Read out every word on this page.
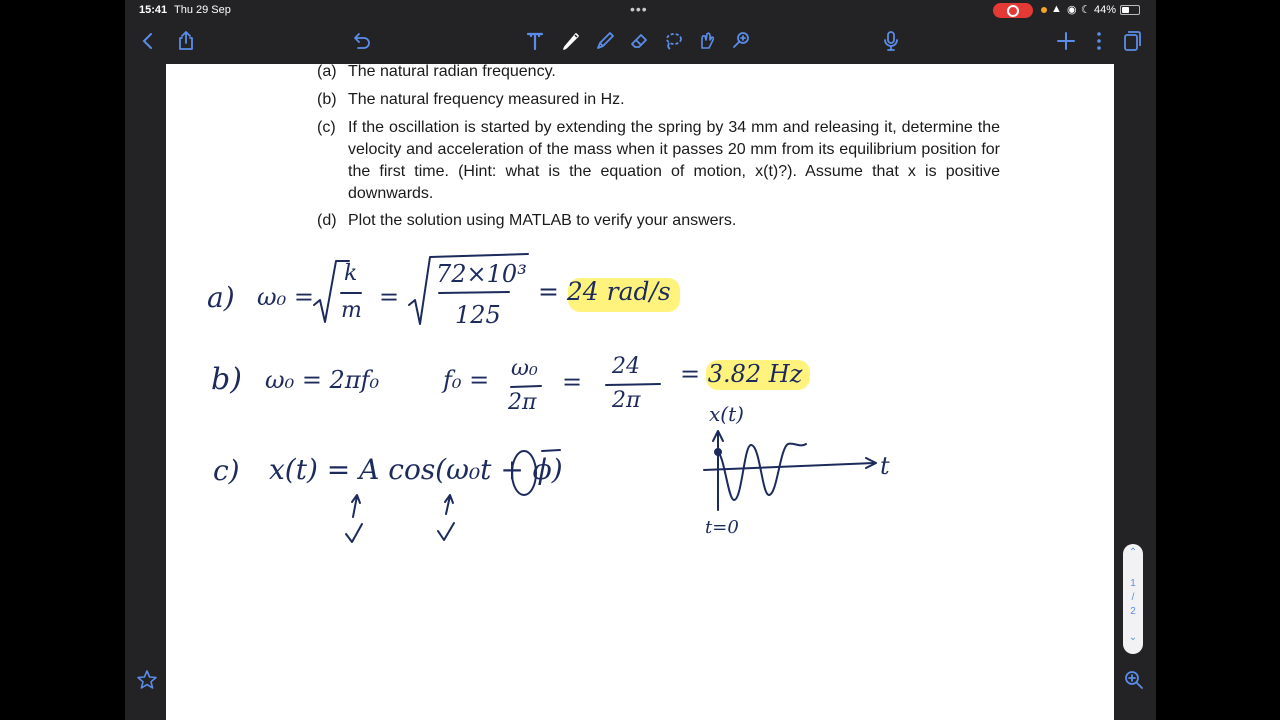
15:41 Thu 29 Sep	•••	▲ ◉ ☾ 44%
(a) The natural radian frequency.
(b) The natural frequency measured in Hz.
(c) If the oscillation is started by extending the spring by 34 mm and releasing it, determine the velocity and acceleration of the mass when it passes 20 mm from its equilibrium position for the first time. (Hint: what is the equation of motion, x(t)?). Assume that x is positive downwards.
(d) Plot the solution using MATLAB to verify your answers.
a) ω₀ =
k
m =
72×10³
125
= 24 rad/s
b) ω₀ = 2πf₀	f₀ = ω₀
2π
=
24
2π
= 3.82 Hz
c) x(t) = A cos(ω₀t + ϕ)
x(t)
t
t=0
⌃
1
/
2
⌄
